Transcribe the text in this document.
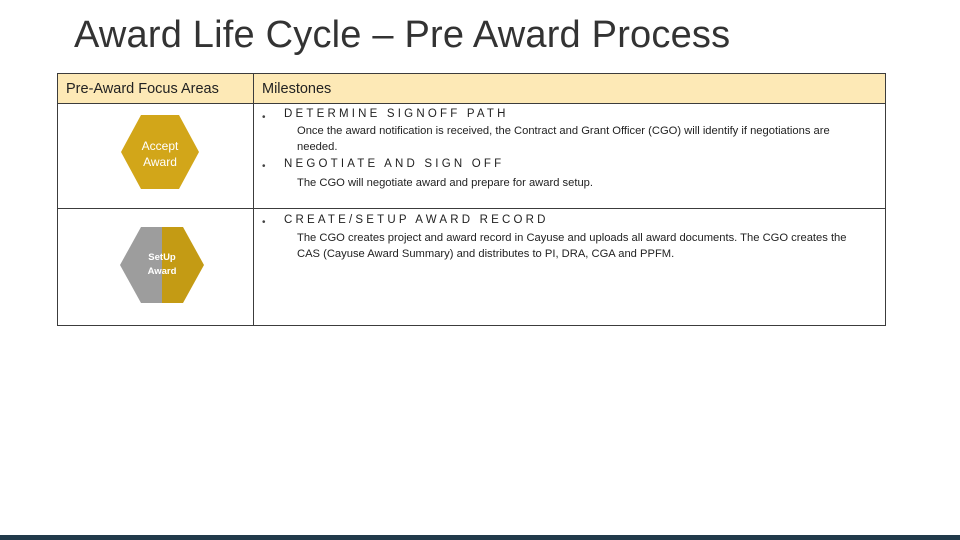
Award Life Cycle – Pre Award Process
Pre-Award Focus Areas	Milestones
Accept
Award
• DETERMINE SIGNOFF PATH
Once the award notification is received, the Contract and Grant Officer (CGO) will identify if negotiations are needed.
• NEGOTIATE AND SIGN OFF
The CGO will negotiate award and prepare for award setup.
SetUp
Award
• CREATE/SETUP AWARD RECORD
The CGO creates project and award record in Cayuse and uploads all award documents. The CGO creates the CAS (Cayuse Award Summary) and distributes to PI, DRA, CGA and PPFM.
